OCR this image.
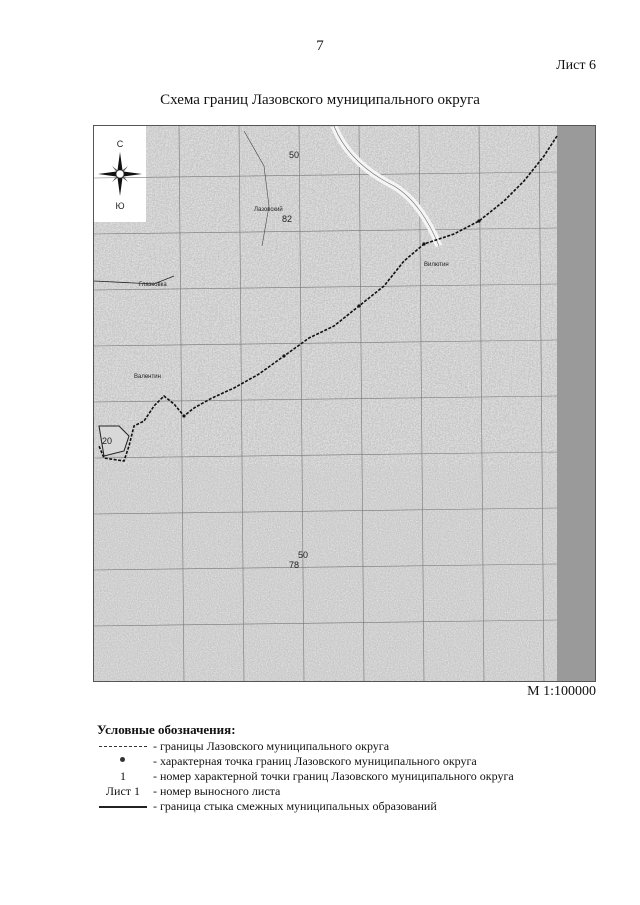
7
Лист 6
Схема границ Лазовского муниципального округа
С
Ю
Валентин
Лазовский
Глазковка
Вилютин
50
82
50
78
20
М 1:100000
Условные обозначения:
- границы Лазовского муниципального округа
- характерная точка границ Лазовского муниципального округа
1	- номер характерной точки границ Лазовского муниципального округа
Лист 1	- номер выносного листа
- граница стыка смежных муниципальных образований
